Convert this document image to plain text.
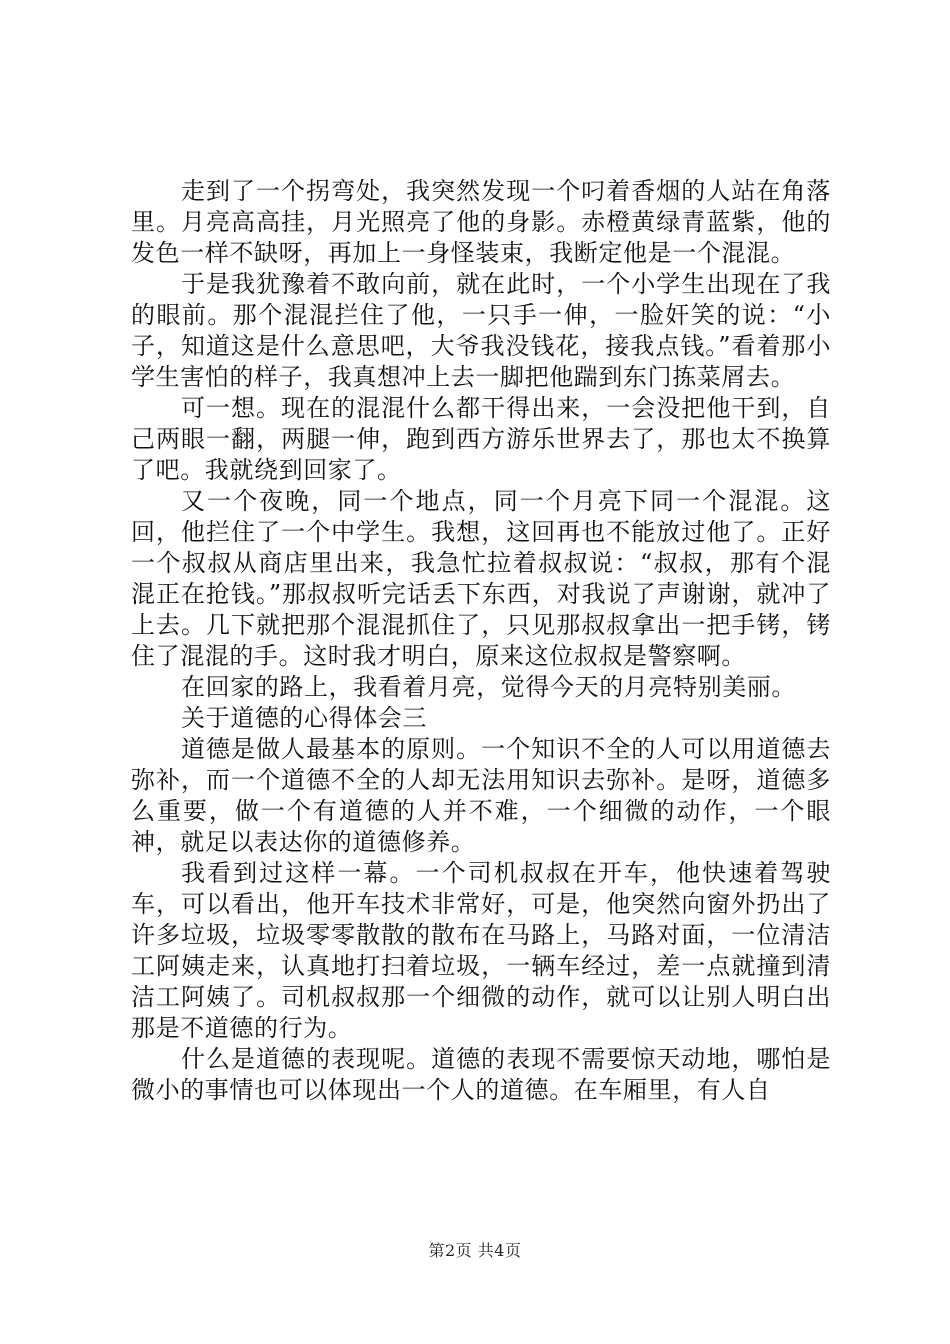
走到了一个拐弯处，我突然发现一个叼着香烟的人站在角落里。月亮高高挂，月光照亮了他的身影。赤橙黄绿青蓝紫，他的发色一样不缺呀，再加上一身怪装束，我断定他是一个混混。

于是我犹豫着不敢向前，就在此时，一个小学生出现在了我的眼前。那个混混拦住了他，一只手一伸，一脸奸笑的说：“小子，知道这是什么意思吧，大爷我没钱花，接我点钱。”看着那小学生害怕的样子，我真想冲上去一脚把他踹到东门拣菜屑去。

可一想。现在的混混什么都干得出来，一会没把他干到，自己两眼一翻，两腿一伸，跑到西方游乐世界去了，那也太不换算了吧。我就绕到回家了。

又一个夜晚，同一个地点，同一个月亮下同一个混混。这回，他拦住了一个中学生。我想，这回再也不能放过他了。正好一个叔叔从商店里出来，我急忙拉着叔叔说：“叔叔，那有个混混正在抢钱。”那叔叔听完话丢下东西，对我说了声谢谢，就冲了上去。几下就把那个混混抓住了，只见那叔叔拿出一把手铐，铐住了混混的手。这时我才明白，原来这位叔叔是警察啊。

在回家的路上，我看着月亮，觉得今天的月亮特别美丽。

关于道德的心得体会三

道德是做人最基本的原则。一个知识不全的人可以用道德去弥补，而一个道德不全的人却无法用知识去弥补。是呀，道德多么重要，做一个有道德的人并不难，一个细微的动作，一个眼神，就足以表达你的道德修养。

我看到过这样一幕。一个司机叔叔在开车，他快速着驾驶车，可以看出，他开车技术非常好，可是，他突然向窗外扔出了许多垃圾，垃圾零零散散的散布在马路上，马路对面，一位清洁工阿姨走来，认真地打扫着垃圾，一辆车经过，差一点就撞到清洁工阿姨了。司机叔叔那一个细微的动作，就可以让别人明白出那是不道德的行为。

什么是道德的表现呢。道德的表现不需要惊天动地，哪怕是微小的事情也可以体现出一个人的道德。在车厢里，有人自

第2页 共4页
